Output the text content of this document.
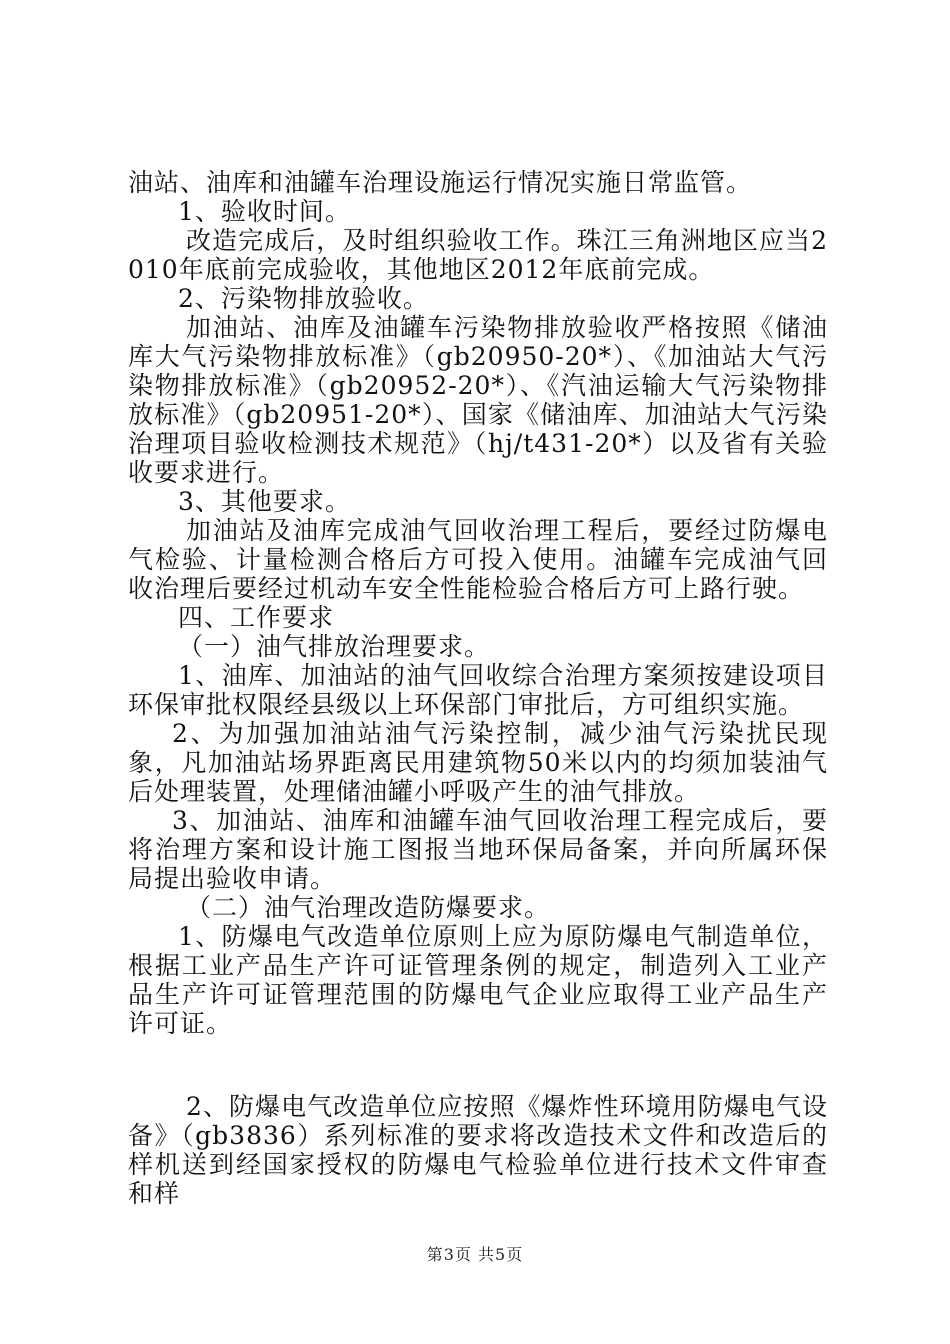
油站、油库和油罐车治理设施运行情况实施日常监管。

1、验收时间。

改造完成后，及时组织验收工作。珠江三角洲地区应当2010年底前完成验收，其他地区2012年底前完成。

2、污染物排放验收。

加油站、油库及油罐车污染物排放验收严格按照《储油库大气污染物排放标准》（gb20950-20*）、《加油站大气污染物排放标准》（gb20952-20*）、《汽油运输大气污染物排放标准》（gb20951-20*）、国家《储油库、加油站大气污染治理项目验收检测技术规范》（hj/t431-20*）以及省有关验收要求进行。

3、其他要求。

加油站及油库完成油气回收治理工程后，要经过防爆电气检验、计量检测合格后方可投入使用。油罐车完成油气回收治理后要经过机动车安全性能检验合格后方可上路行驶。

四、工作要求

（一）油气排放治理要求。

1、油库、加油站的油气回收综合治理方案须按建设项目环保审批权限经县级以上环保部门审批后，方可组织实施。

2、为加强加油站油气污染控制，减少油气污染扰民现象，凡加油站场界距离民用建筑物50米以内的均须加装油气后处理装置，处理储油罐小呼吸产生的油气排放。

3、加油站、油库和油罐车油气回收治理工程完成后，要将治理方案和设计施工图报当地环保局备案，并向所属环保局提出验收申请。

（二）油气治理改造防爆要求。

1、防爆电气改造单位原则上应为原防爆电气制造单位，根据工业产品生产许可证管理条例的规定，制造列入工业产品生产许可证管理范围的防爆电气企业应取得工业产品生产许可证。

2、防爆电气改造单位应按照《爆炸性环境用防爆电气设备》（gb3836）系列标准的要求将改造技术文件和改造后的样机送到经国家授权的防爆电气检验单位进行技术文件审查和样

第3页 共5页
